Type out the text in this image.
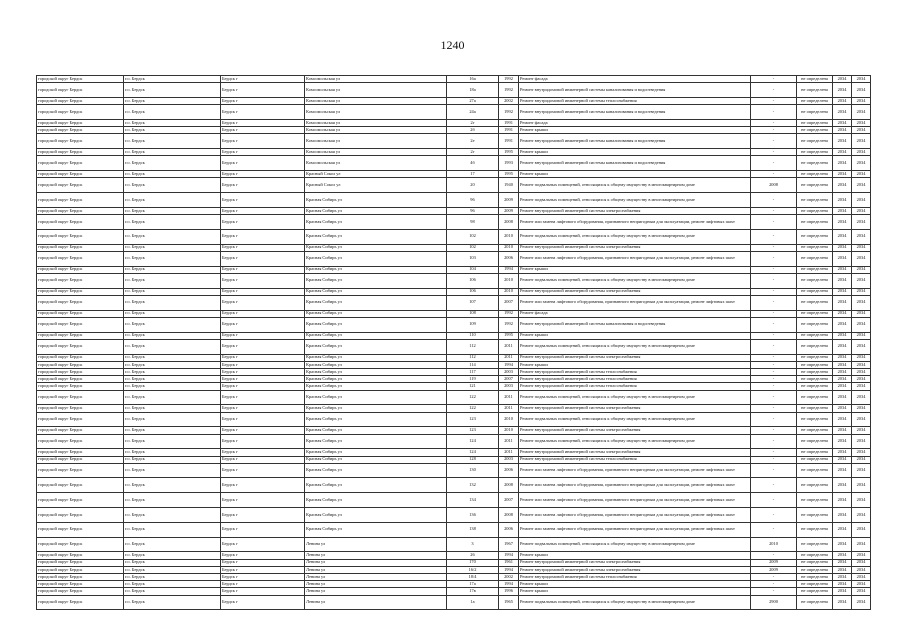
1240
городской округ Бердск	г.о. Бердск	Бердск г	Комсомольская ул	16а	1992	Ремонт фасада	-	не определена	2034	2034
городской округ Бердск	г.о. Бердск	Бердск г	Комсомольская ул	18а	1992	Ремонт внутридомовой инженерной системы канализования и водоотведения	-	не определена	2034	2034
городской округ Бердск	г.о. Бердск	Бердск г	Комсомольская ул	27а	2002	Ремонт внутридомовой инженерной системы теплоснабжения	-	не определена	2034	2034
городской округ Бердск	г.о. Бердск	Бердск г	Комсомольская ул	24а	1992	Ремонт внутридомовой инженерной системы канализования и водоотведения	-	не определена	2034	2034
городской округ Бердск	г.о. Бердск	Бердск г	Комсомольская ул	2г	1991	Ремонт фасада	-	не определена	2034	2034
городской округ Бердск	г.о. Бердск	Бердск г	Комсомольская ул	2б	1991	Ремонт крыши	-	не определена	2034	2034
городской округ Бердск	г.о. Бердск	Бердск г	Комсомольская ул	2е	1991	Ремонт внутридомовой инженерной системы канализования и водоотведения	-	не определена	2034	2034
городской округ Бердск	г.о. Бердск	Бердск г	Комсомольская ул	2г	1995	Ремонт крыши	-	не определена	2034	2034
городской округ Бердск	г.о. Бердск	Бердск г	Комсомольская ул	4б	1993	Ремонт внутридомовой инженерной системы канализования и водоотведения	-	не определена	2034	2034
городской округ Бердск	г.о. Бердск	Бердск г	Красный Сокол ул	17	1995	Ремонт крыши	-	не определена	2034	2034
городской округ Бердск	г.о. Бердск	Бердск г	Красный Сокол ул	20	1940	Ремонт подвальных помещений, относящихся к общему имуществу в многоквартирном доме	2008	не определена	2034	2034
городской округ Бердск	г.о. Бердск	Бердск г	Красная Сибирь ул	96	2009	Ремонт подвальных помещений, относящихся к общему имуществу в многоквартирном доме	-	не определена	2034	2034
городской округ Бердск	г.о. Бердск	Бердск г	Красная Сибирь ул	96	2009	Ремонт внутридомовой инженерной системы электроснабжения	-	не определена	2034	2034
городской округ Бердск	г.о. Бердск	Бердск г	Красная Сибирь ул	98	2008	Ремонт или замена лифтового оборудования, признанного непригодным для эксплуатации, ремонт лифтовых шахт	-	не определена	2034	2034
городской округ Бердск	г.о. Бердск	Бердск г	Красная Сибирь ул	102	2010	Ремонт подвальных помещений, относящихся к общему имуществу в многоквартирном доме	-	не определена	2034	2034
городской округ Бердск	г.о. Бердск	Бердск г	Красная Сибирь ул	102	2010	Ремонт внутридомовой инженерной системы электроснабжения	-	не определена	2034	2034
городской округ Бердск	г.о. Бердск	Бердск г	Красная Сибирь ул	103	2006	Ремонт или замена лифтового оборудования, признанного непригодным для эксплуатации, ремонт лифтовых шахт	-	не определена	2034	2034
городской округ Бердск	г.о. Бердск	Бердск г	Красная Сибирь ул	104	1994	Ремонт крыши	-	не определена	2034	2034
городской округ Бердск	г.о. Бердск	Бердск г	Красная Сибирь ул	106	2010	Ремонт подвальных помещений, относящихся к общему имуществу в многоквартирном доме	-	не определена	2034	2034
городской округ Бердск	г.о. Бердск	Бердск г	Красная Сибирь ул	106	2010	Ремонт внутридомовой инженерной системы электроснабжения	-	не определена	2034	2034
городской округ Бердск	г.о. Бердск	Бердск г	Красная Сибирь ул	107	2007	Ремонт или замена лифтового оборудования, признанного непригодным для эксплуатации, ремонт лифтовых шахт	-	не определена	2034	2034
городской округ Бердск	г.о. Бердск	Бердск г	Красная Сибирь ул	108	1992	Ремонт фасада	-	не определена	2034	2034
городской округ Бердск	г.о. Бердск	Бердск г	Красная Сибирь ул	109	1992	Ремонт внутридомовой инженерной системы канализования и водоотведения	-	не определена	2034	2034
городской округ Бердск	г.о. Бердск	Бердск г	Красная Сибирь ул	110	1995	Ремонт крыши	-	не определена	2034	2034
городской округ Бердск	г.о. Бердск	Бердск г	Красная Сибирь ул	112	2011	Ремонт подвальных помещений, относящихся к общему имуществу в многоквартирном доме	-	не определена	2034	2034
городской округ Бердск	г.о. Бердск	Бердск г	Красная Сибирь ул	112	2011	Ремонт внутридомовой инженерной системы электроснабжения	-	не определена	2034	2034
городской округ Бердск	г.о. Бердск	Бердск г	Красная Сибирь ул	114	1994	Ремонт крыши	-	не определена	2034	2034
городской округ Бердск	г.о. Бердск	Бердск г	Красная Сибирь ул	117	2003	Ремонт внутридомовой инженерной системы теплоснабжения	-	не определена	2034	2034
городской округ Бердск	г.о. Бердск	Бердск г	Красная Сибирь ул	119	2007	Ремонт внутридомовой инженерной системы теплоснабжения	-	не определена	2034	2034
городской округ Бердск	г.о. Бердск	Бердск г	Красная Сибирь ул	121	2003	Ремонт внутридомовой инженерной системы теплоснабжения	-	не определена	2034	2034
городской округ Бердск	г.о. Бердск	Бердск г	Красная Сибирь ул	122	2011	Ремонт подвальных помещений, относящихся к общему имуществу в многоквартирном доме	-	не определена	2034	2034
городской округ Бердск	г.о. Бердск	Бердск г	Красная Сибирь ул	122	2011	Ремонт внутридомовой инженерной системы электроснабжения	-	не определена	2034	2034
городской округ Бердск	г.о. Бердск	Бердск г	Красная Сибирь ул	123	2010	Ремонт подвальных помещений, относящихся к общему имуществу в многоквартирном доме	-	не определена	2034	2034
городской округ Бердск	г.о. Бердск	Бердск г	Красная Сибирь ул	123	2010	Ремонт внутридомовой инженерной системы электроснабжения	-	не определена	2034	2034
городской округ Бердск	г.о. Бердск	Бердск г	Красная Сибирь ул	124	2011	Ремонт подвальных помещений, относящихся к общему имуществу в многоквартирном доме	-	не определена	2034	2034
городской округ Бердск	г.о. Бердск	Бердск г	Красная Сибирь ул	124	2011	Ремонт внутридомовой инженерной системы электроснабжения	-	не определена	2034	2034
городской округ Бердск	г.о. Бердск	Бердск г	Красная Сибирь ул	128	2003	Ремонт внутридомовой инженерной системы теплоснабжения	-	не определена	2034	2034
городской округ Бердск	г.о. Бердск	Бердск г	Красная Сибирь ул	130	2006	Ремонт или замена лифтового оборудования, признанного непригодным для эксплуатации, ремонт лифтовых шахт	-	не определена	2034	2034
городской округ Бердск	г.о. Бердск	Бердск г	Красная Сибирь ул	132	2008	Ремонт или замена лифтового оборудования, признанного непригодным для эксплуатации, ремонт лифтовых шахт	-	не определена	2034	2034
городской округ Бердск	г.о. Бердск	Бердск г	Красная Сибирь ул	134	2007	Ремонт или замена лифтового оборудования, признанного непригодным для эксплуатации, ремонт лифтовых шахт	-	не определена	2034	2034
городской округ Бердск	г.о. Бердск	Бердск г	Красная Сибирь ул	136	2008	Ремонт или замена лифтового оборудования, признанного непригодным для эксплуатации, ремонт лифтовых шахт	-	не определена	2034	2034
городской округ Бердск	г.о. Бердск	Бердск г	Красная Сибирь ул	138	2006	Ремонт или замена лифтового оборудования, признанного непригодным для эксплуатации, ремонт лифтовых шахт	-	не определена	2034	2034
городской округ Бердск	г.о. Бердск	Бердск г	Ленина ул	3	1967	Ремонт подвальных помещений, относящихся к общему имуществу в многоквартирном доме	2010	не определена	2034	2034
городской округ Бердск	г.о. Бердск	Бердск г	Ленина ул	26	1994	Ремонт крыши	-	не определена	2034	2034
городской округ Бердск	г.о. Бердск	Бердск г	Ленина ул	170	1961	Ремонт внутридомовой инженерной системы электроснабжения	2009	не определена	2034	2034
городской округ Бердск	г.о. Бердск	Бердск г	Ленина ул	16/2	1994	Ремонт внутридомовой инженерной системы электроснабжения	2009	не определена	2034	2034
городской округ Бердск	г.о. Бердск	Бердск г	Ленина ул	18/4	2002	Ремонт внутридомовой инженерной системы теплоснабжения	-	не определена	2034	2034
городской округ Бердск	г.о. Бердск	Бердск г	Ленина ул	17а	1994	Ремонт крыши	-	не определена	2034	2034
городской округ Бердск	г.о. Бердск	Бердск г	Ленина ул	17в	1996	Ремонт крыши	-	не определена	2034	2034
городской округ Бердск	г.о. Бердск	Бердск г	Ленина ул	1а	1965	Ремонт подвальных помещений, относящихся к общему имуществу в многоквартирном доме	2900	не определена	2034	2034
